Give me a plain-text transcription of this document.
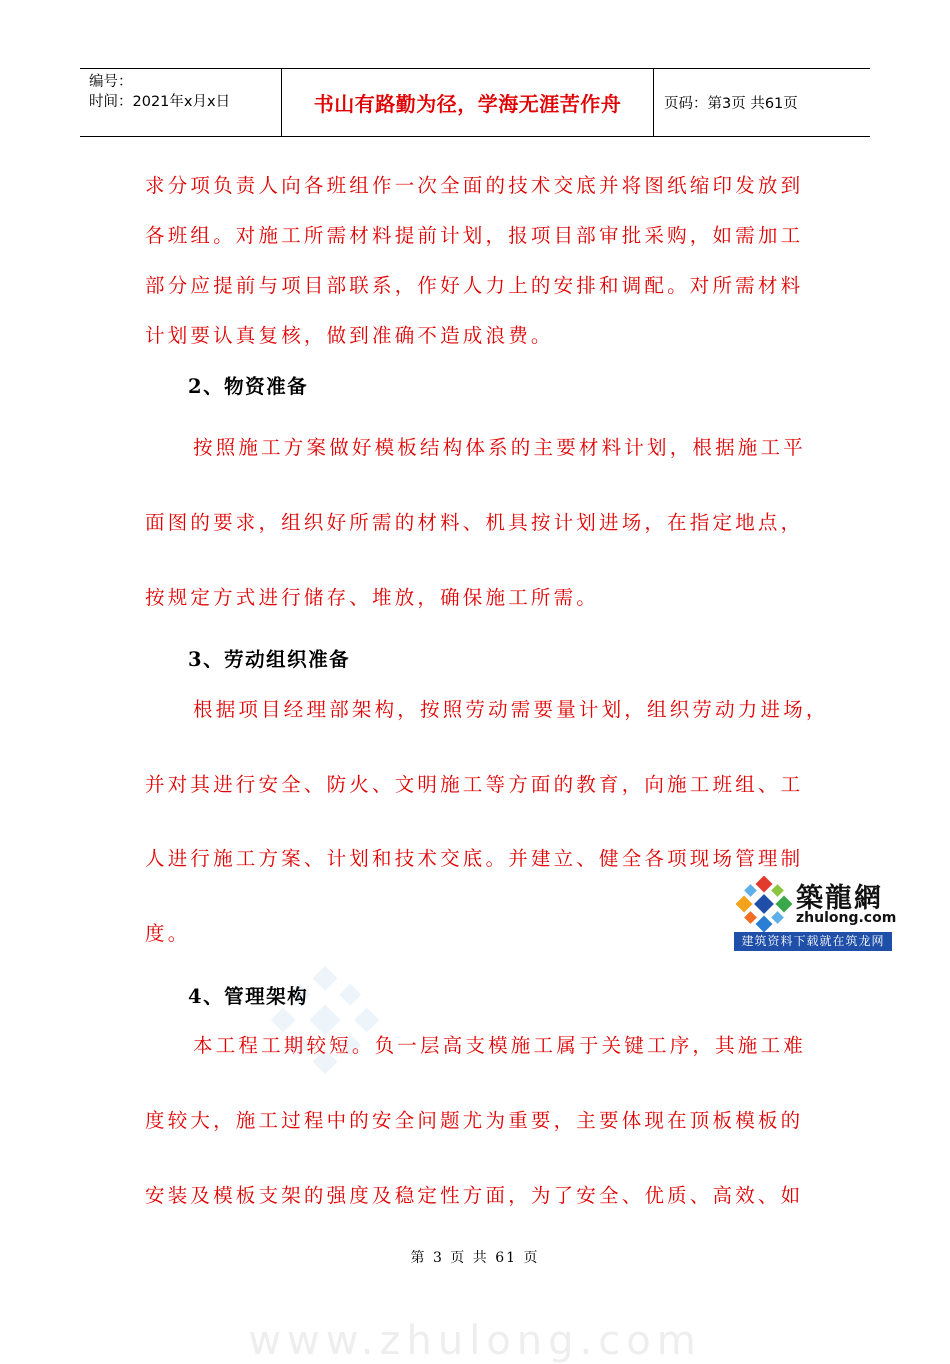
编号：
时间：2021年x月x日	书山有路勤为径，学海无涯苦作舟	页码：第3页 共61页
求分项负责人向各班组作一次全面的技术交底并将图纸缩印发放到
各班组。对施工所需材料提前计划，报项目部审批采购，如需加工
部分应提前与项目部联系，作好人力上的安排和调配。对所需材料
计划要认真复核，做到准确不造成浪费。
2、物资准备
按照施工方案做好模板结构体系的主要材料计划，根据施工平
面图的要求，组织好所需的材料、机具按计划进场，在指定地点，
按规定方式进行储存、堆放，确保施工所需。
3、劳动组织准备
根据项目经理部架构，按照劳动需要量计划，组织劳动力进场，
并对其进行安全、防火、文明施工等方面的教育，向施工班组、工
人进行施工方案、计划和技术交底。并建立、健全各项现场管理制
度。
4、管理架构
本工程工期较短。负一层高支模施工属于关键工序，其施工难
度较大，施工过程中的安全问题尤为重要，主要体现在顶板模板的
安装及模板支架的强度及稳定性方面，为了安全、优质、高效、如
築龍網
zhulong.com
建筑资料下载就在筑龙网
第 3 页 共 61 页
www.zhulong.com
